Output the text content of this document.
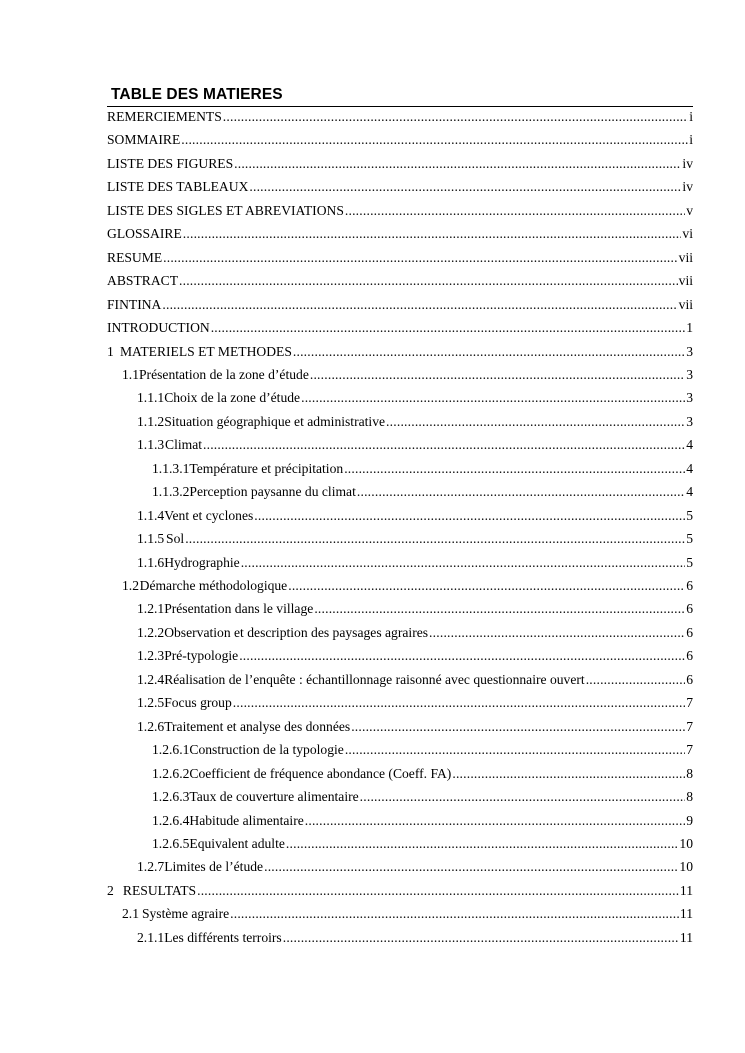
TABLE DES MATIERES
REMERCIEMENTS .....	i
SOMMAIRE .....	i
LISTE DES FIGURES .....	iv
LISTE DES TABLEAUX .....	iv
LISTE DES SIGLES ET ABREVIATIONS .....	v
GLOSSAIRE .....	vi
RESUME .....	vii
ABSTRACT .....	vii
FINTINA .....	vii
INTRODUCTION .....	1
1 MATERIELS ET METHODES .....	3
1.1 Présentation de la zone d’étude .....	3
1.1.1 Choix de la zone d’étude .....	3
1.1.2 Situation géographique et administrative .....	3
1.1.3 Climat .....	4
1.1.3.1 Température et précipitation .....	4
1.1.3.2 Perception paysanne du climat .....	4
1.1.4 Vent et cyclones .....	5
1.1.5 Sol .....	5
1.1.6 Hydrographie .....	5
1.2 Démarche méthodologique .....	6
1.2.1 Présentation dans le village .....	6
1.2.2 Observation et description des paysages agraires .....	6
1.2.3 Pré-typologie .....	6
1.2.4 Réalisation de l’enquête : échantillonnage raisonné avec questionnaire ouvert .....	6
1.2.5 Focus group .....	7
1.2.6 Traitement et analyse des données .....	7
1.2.6.1 Construction de la typologie .....	7
1.2.6.2 Coefficient de fréquence abondance (Coeff. FA) .....	8
1.2.6.3 Taux de couverture alimentaire .....	8
1.2.6.4 Habitude alimentaire .....	9
1.2.6.5 Equivalent adulte .....	10
1.2.7 Limites de l’étude .....	10
2 RESULTATS .....	11
2.1 Système agraire .....	11
2.1.1 Les différents terroirs .....	11
